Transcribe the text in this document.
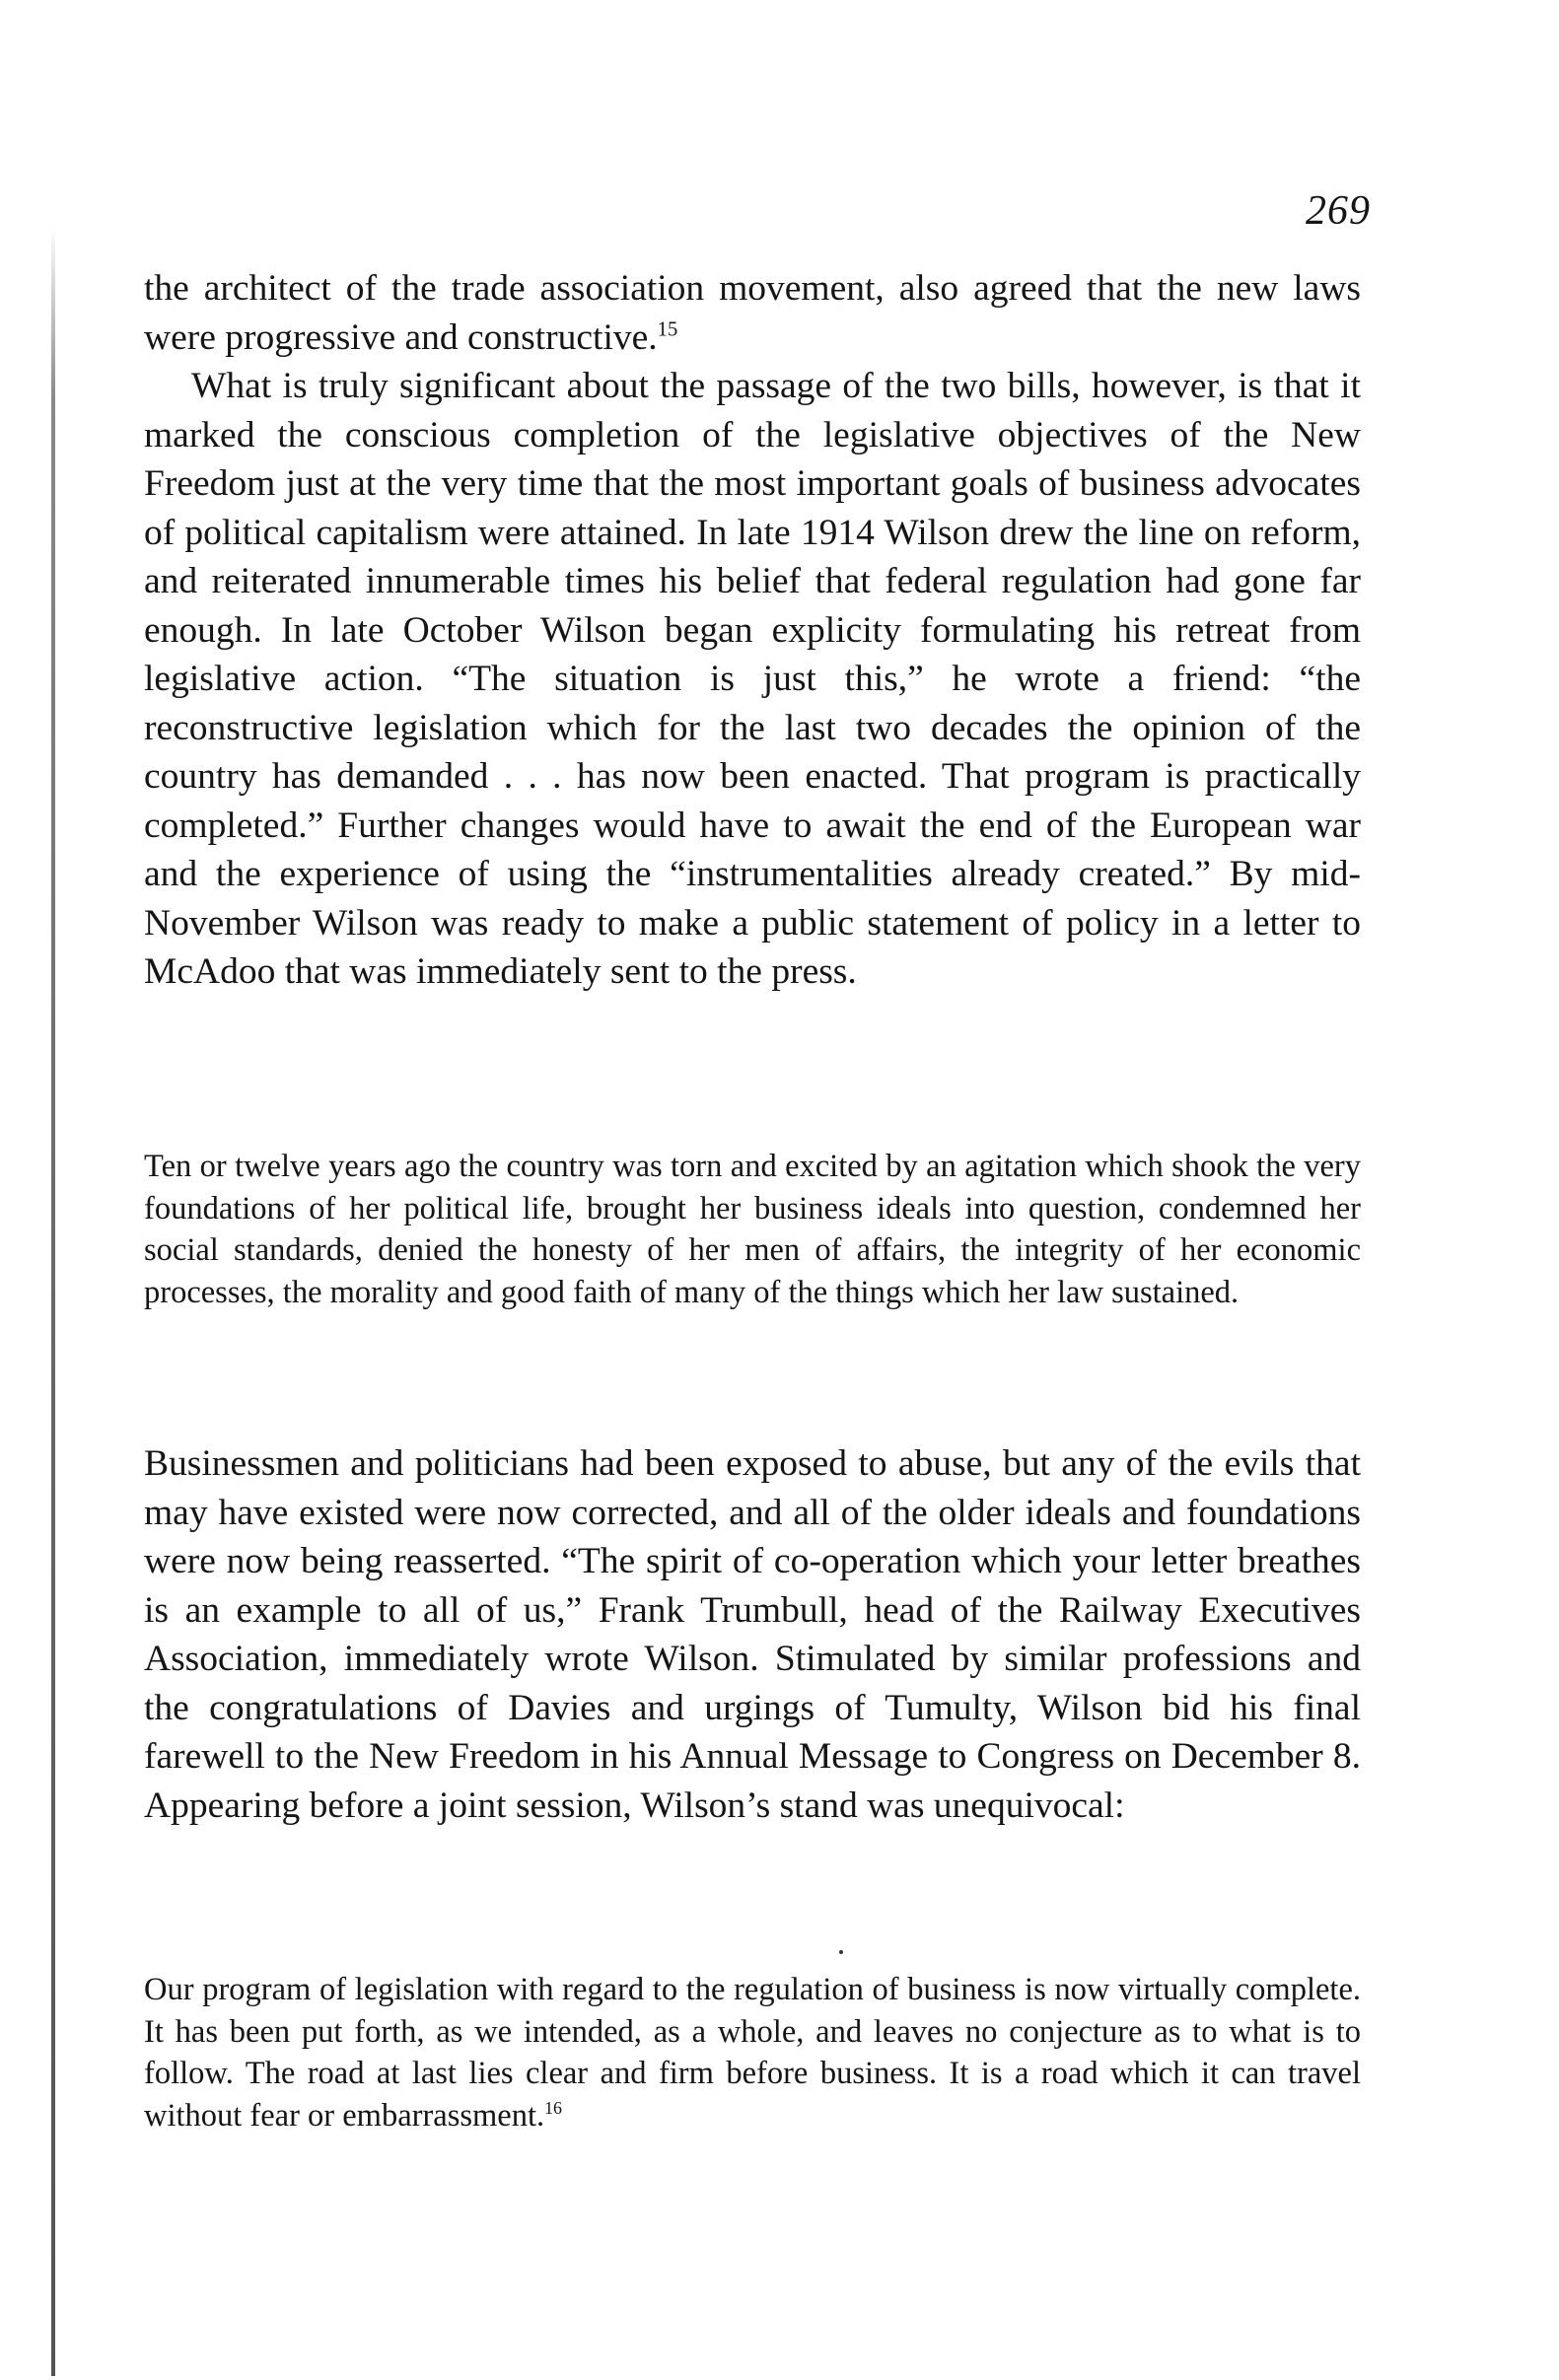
269

the architect of the trade association movement, also agreed that the new laws were progressive and constructive.$^{15}$

What is truly significant about the passage of the two bills, however, is that it marked the conscious completion of the legislative objectives of the New Freedom just at the very time that the most important goals of business advocates of political capitalism were attained. In late 1914 Wilson drew the line on reform, and reiterated innumerable times his belief that federal regulation had gone far enough. In late October Wilson began explicity formulating his retreat from legislative action. “The situation is just this,” he wrote a friend: “the reconstructive legislation which for the last two decades the opinion of the country has demanded . . . has now been enacted. That program is practically completed.” Further changes would have to await the end of the European war and the experience of using the “instrumentalities already created.” By mid-November Wilson was ready to make a public statement of policy in a letter to McAdoo that was immediately sent to the press.

Ten or twelve years ago the country was torn and excited by an agitation which shook the very foundations of her political life, brought her business ideals into question, condemned her social standards, denied the honesty of her men of affairs, the integrity of her economic processes, the morality and good faith of many of the things which her law sustained.

Businessmen and politicians had been exposed to abuse, but any of the evils that may have existed were now corrected, and all of the older ideals and foundations were now being reasserted. “The spirit of co-operation which your letter breathes is an example to all of us,” Frank Trumbull, head of the Railway Executives Association, immediately wrote Wilson. Stimulated by similar professions and the congratulations of Davies and urgings of Tumulty, Wilson bid his final farewell to the New Freedom in his Annual Message to Congress on December 8. Appearing before a joint session, Wilson’s stand was unequivocal:

Our program of legislation with regard to the regulation of business is now virtually complete. It has been put forth, as we intended, as a whole, and leaves no conjecture as to what is to follow. The road at last lies clear and firm before business. It is a road which it can travel without fear or embarrassment.$^{16}$
